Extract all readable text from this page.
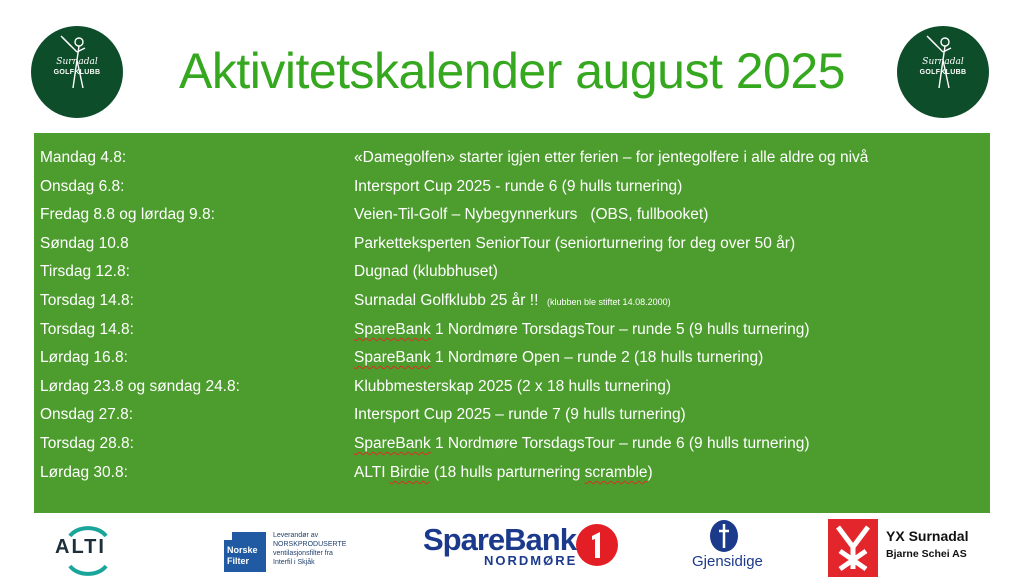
Surnadal
GOLFKLUBB	Aktivitetskalender august 2025	Surnadal
GOLFKLUBB
Mandag 4.8:	«Damegolfen» starter igjen etter ferien – for jentegolfere i alle aldre og nivå
Onsdag 6.8:	Intersport Cup 2025 - runde 6 (9 hulls turnering)
Fredag 8.8 og lørdag 9.8:	Veien-Til-Golf – Nybegynnerkurs   (OBS, fullbooket)
Søndag 10.8	Parketteksperten SeniorTour (seniorturnering for deg over 50 år)
Tirsdag 12.8:	Dugnad (klubbhuset)
Torsdag 14.8:	Surnadal Golfklubb 25 år !! (klubben ble stiftet 14.08.2000)
Torsdag 14.8:	SpareBank 1 Nordmøre TorsdagsTour – runde 5 (9 hulls turnering)
Lørdag 16.8:	SpareBank 1 Nordmøre Open – runde 2 (18 hulls turnering)
Lørdag 23.8 og søndag 24.8:	Klubbmesterskap 2025 (2 x 18 hulls turnering)
Onsdag 27.8:	Intersport Cup 2025 – runde 7 (9 hulls turnering)
Torsdag 28.8:	SpareBank 1 Nordmøre TorsdagsTour – runde 6 (9 hulls turnering)
Lørdag 30.8:	ALTI Birdie (18 hulls parturnering scramble)
ALTI	Norske Filter
Leverandør av NORSKPRODUSERTE ventilasjonsfilter fra Interfil i Skjåk
SpareBank
NORDMØRE	Gjensidige
YX Surnadal
Bjarne Schei AS
